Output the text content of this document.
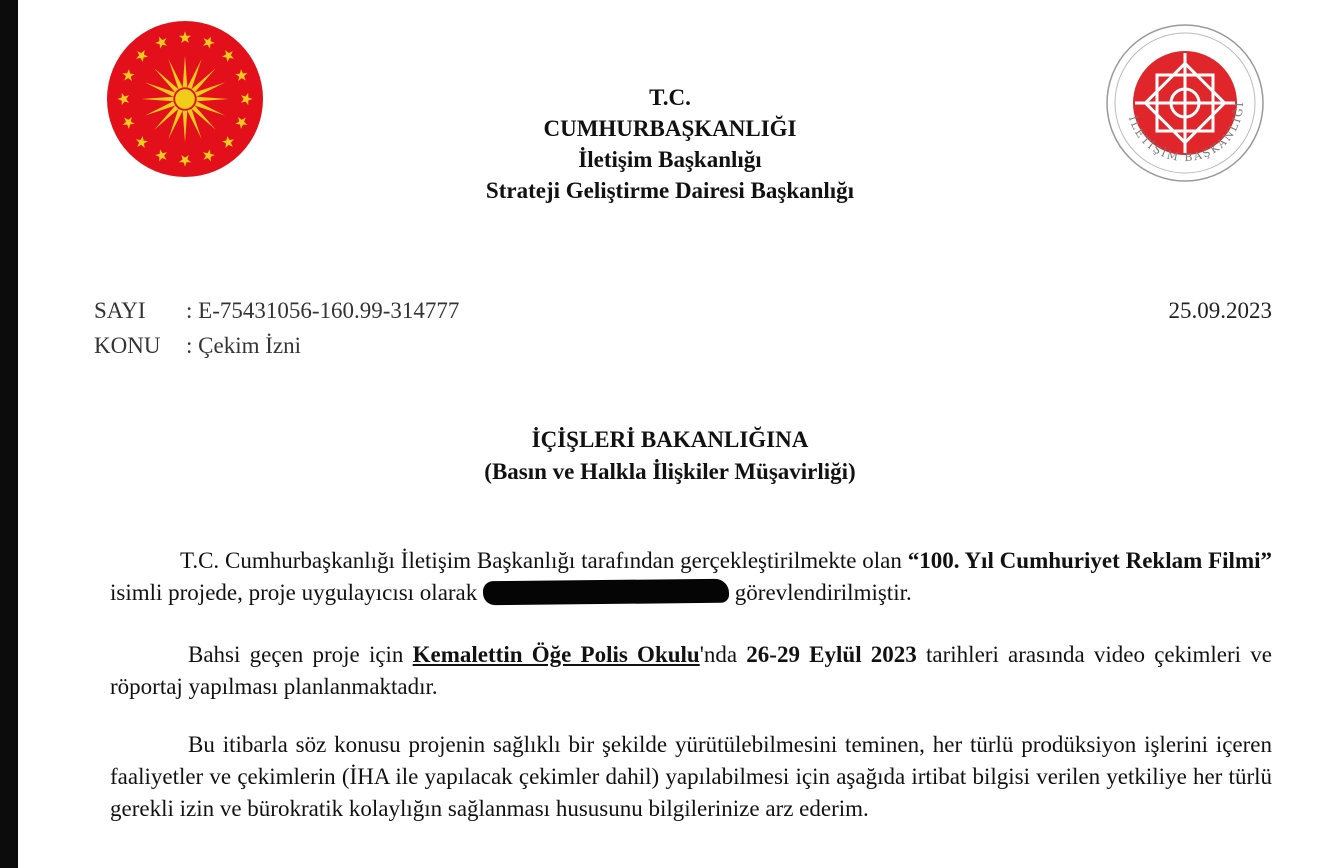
İLETİŞİM BAŞKANLIĞI
T.C.
CUMHURBAŞKANLIĞI
İletişim Başkanlığı
Strateji Geliştirme Dairesi Başkanlığı
SAYI : E-75431056-160.99-314777
KONU : Çekim İzni
25.09.2023
İÇİŞLERİ BAKANLIĞINA
(Basın ve Halkla İlişkiler Müşavirliği)
T.C. Cumhurbaşkanlığı İletişim Başkanlığı tarafından gerçekleştirilmekte olan “100. Yıl Cumhuriyet Reklam Filmi” isimli projede, proje uygulayıcısı olarak	görevlendirilmiştir.
Bahsi geçen proje için Kemalettin Öğe Polis Okulu'nda 26-29 Eylül 2023 tarihleri arasında video çekimleri ve röportaj yapılması planlanmaktadır.
Bu itibarla söz konusu projenin sağlıklı bir şekilde yürütülebilmesini teminen, her türlü prodüksiyon işlerini içeren faaliyetler ve çekimlerin (İHA ile yapılacak çekimler dahil) yapılabilmesi için aşağıda irtibat bilgisi verilen yetkiliye her türlü gerekli izin ve bürokratik kolaylığın sağlanması hususunu bilgilerinize arz ederim.
